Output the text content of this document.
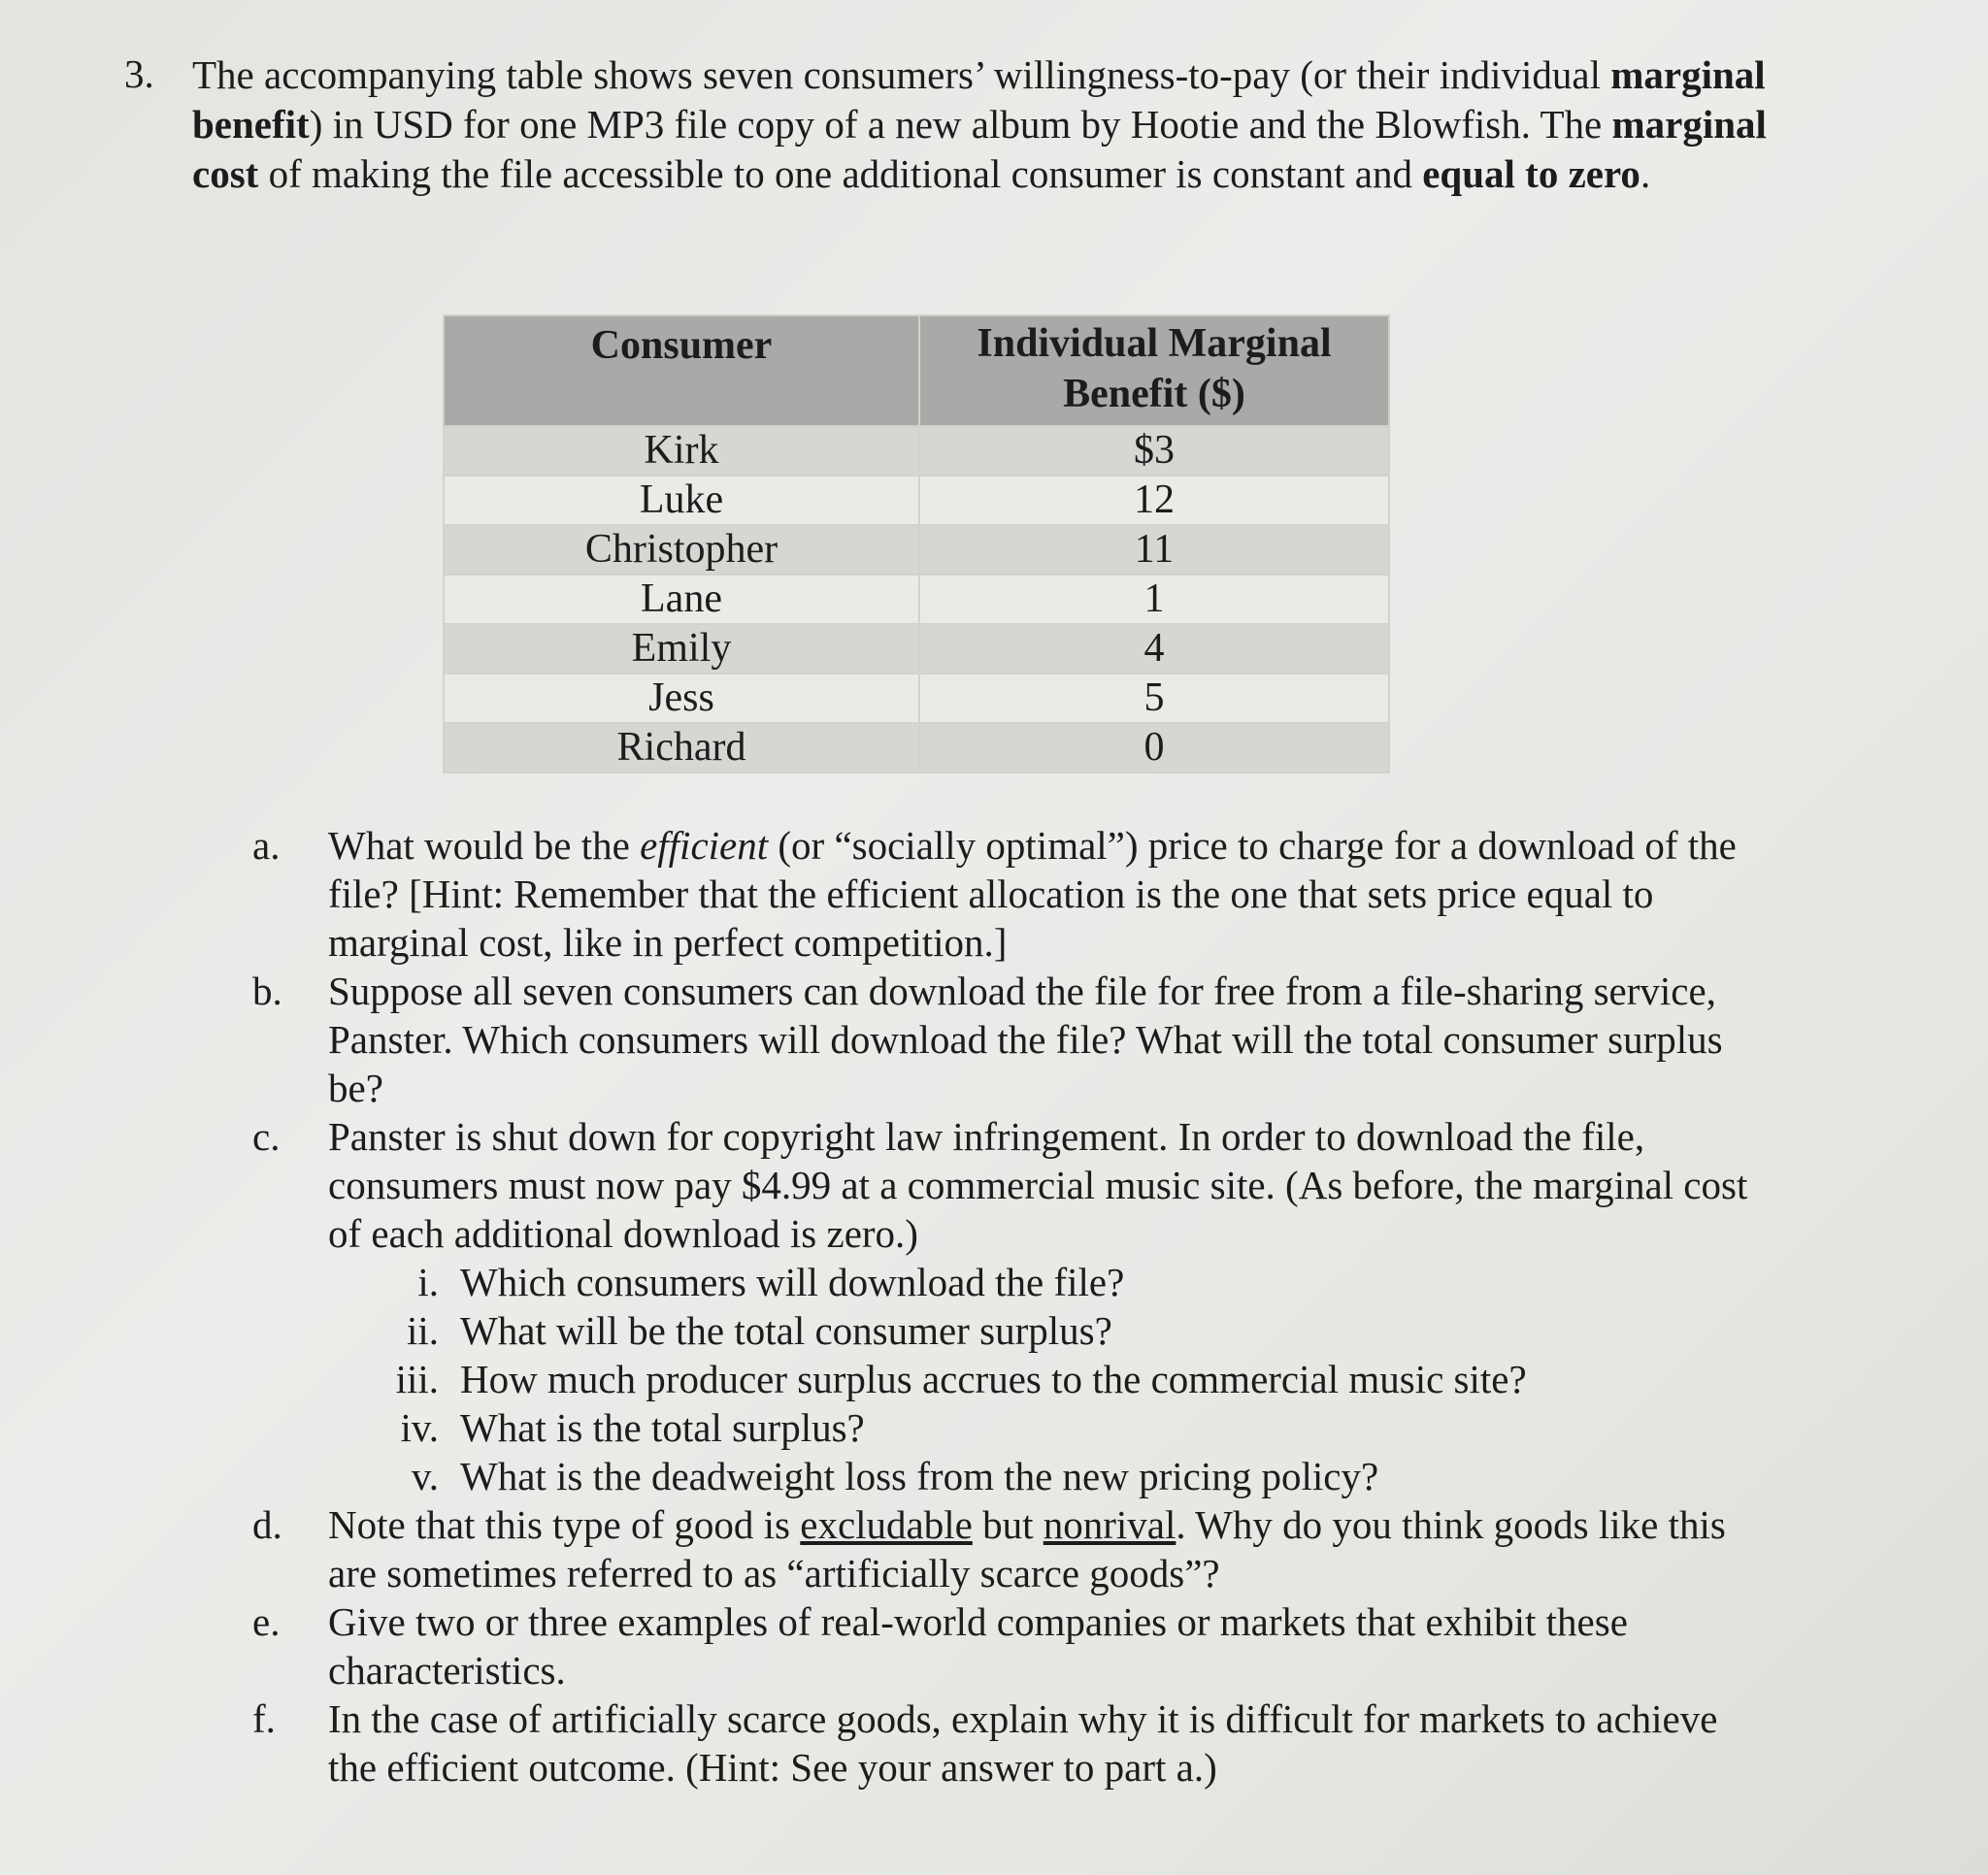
3. The accompanying table shows seven consumers’ willingness-to-pay (or their individual marginal benefit) in USD for one MP3 file copy of a new album by Hootie and the Blowfish. The marginal cost of making the file accessible to one additional consumer is constant and equal to zero.
Consumer	Individual Marginal
Benefit ($)
Kirk	$3
Luke	12
Christopher	11
Lane	1
Emily	4
Jess	5
Richard	0
a.	What would be the efficient (or “socially optimal”) price to charge for a download of the file? [Hint: Remember that the efficient allocation is the one that sets price equal to marginal cost, like in perfect competition.]
b.	Suppose all seven consumers can download the file for free from a file-sharing service, Panster. Which consumers will download the file? What will the total consumer surplus be?
c.	Panster is shut down for copyright law infringement. In order to download the file, consumers must now pay $4.99 at a commercial music site. (As before, the marginal cost of each additional download is zero.)
i. Which consumers will download the file?
ii. What will be the total consumer surplus?
iii. How much producer surplus accrues to the commercial music site?
iv. What is the total surplus?
v. What is the deadweight loss from the new pricing policy?
d.	Note that this type of good is excludable but nonrival. Why do you think goods like this are sometimes referred to as “artificially scarce goods”?
e.	Give two or three examples of real-world companies or markets that exhibit these characteristics.
f.	In the case of artificially scarce goods, explain why it is difficult for markets to achieve the efficient outcome. (Hint: See your answer to part a.)
